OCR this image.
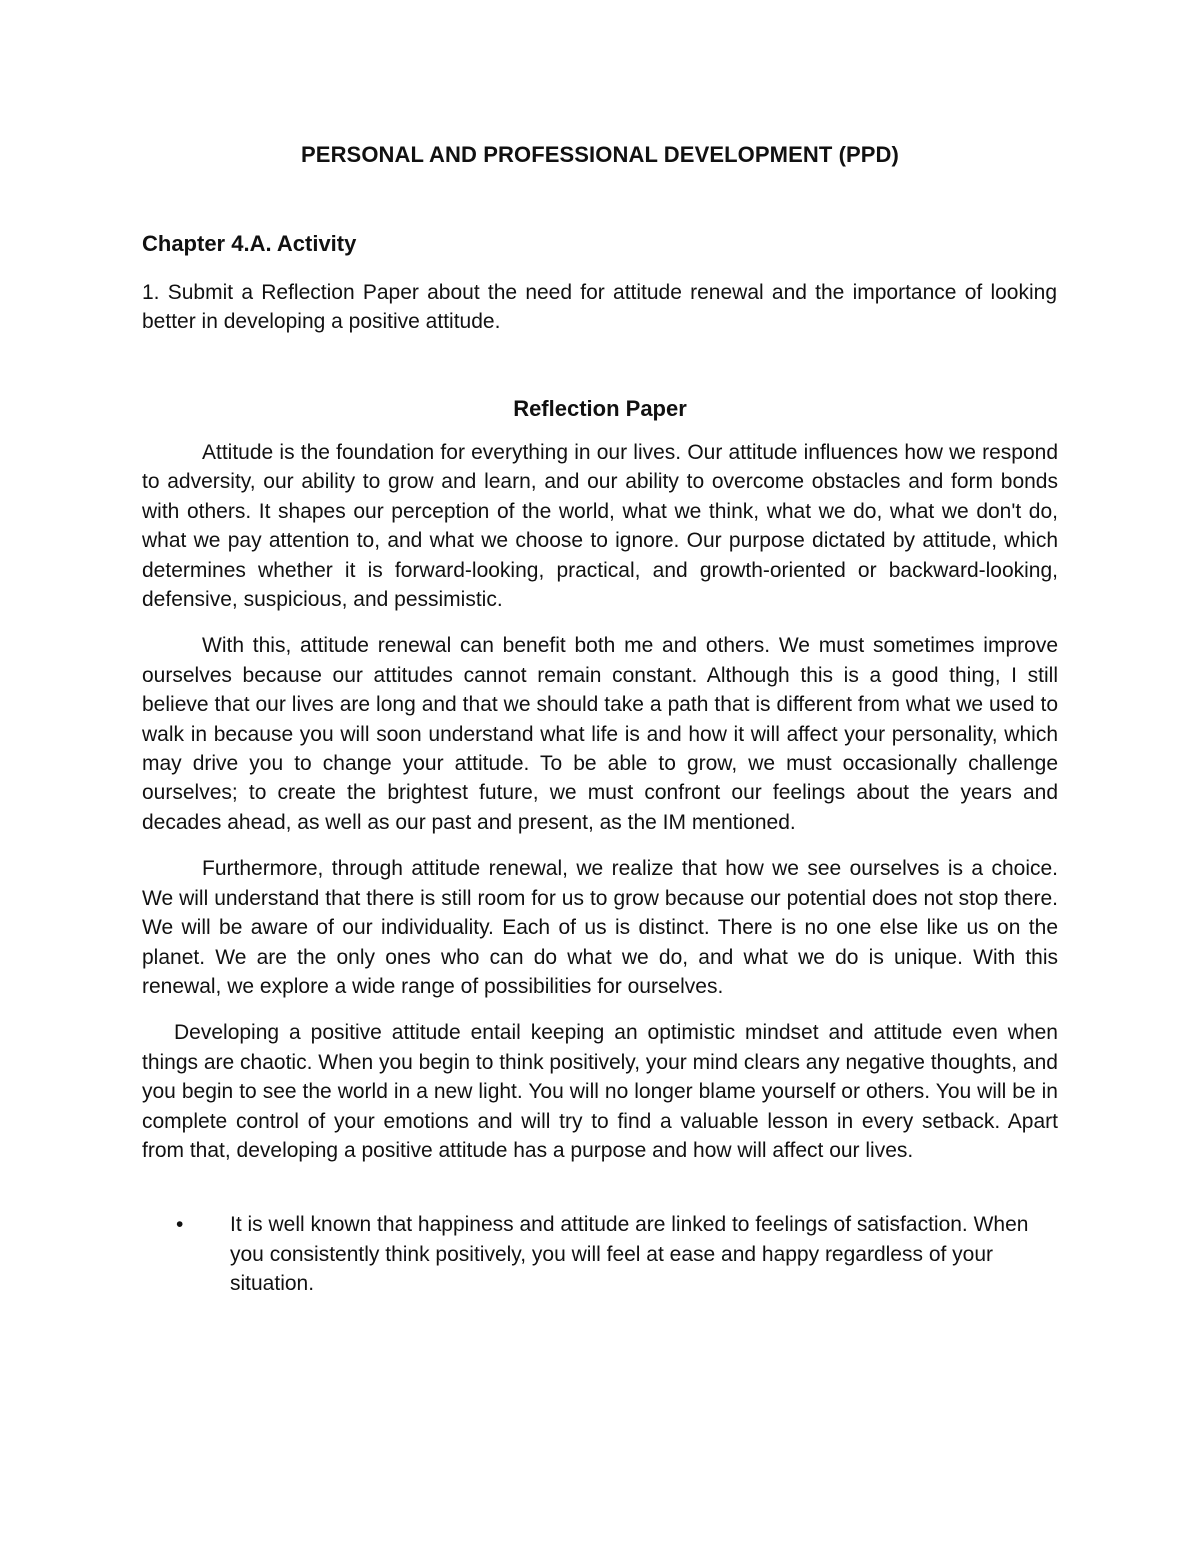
PERSONAL AND PROFESSIONAL DEVELOPMENT (PPD)
Chapter 4.A. Activity
1. Submit a Reflection Paper about the need for attitude renewal and the importance of looking better in developing a positive attitude.
Reflection Paper

Attitude is the foundation for everything in our lives. Our attitude influences how we respond to adversity, our ability to grow and learn, and our ability to overcome obstacles and form bonds with others. It shapes our perception of the world, what we think, what we do, what we don't do, what we pay attention to, and what we choose to ignore. Our purpose dictated by attitude, which determines whether it is forward-looking, practical, and growth-oriented or backward-looking, defensive, suspicious, and pessimistic.

With this, attitude renewal can benefit both me and others. We must sometimes improve ourselves because our attitudes cannot remain constant. Although this is a good thing, I still believe that our lives are long and that we should take a path that is different from what we used to walk in because you will soon understand what life is and how it will affect your personality, which may drive you to change your attitude. To be able to grow, we must occasionally challenge ourselves; to create the brightest future, we must confront our feelings about the years and decades ahead, as well as our past and present, as the IM mentioned.

Furthermore, through attitude renewal, we realize that how we see ourselves is a choice. We will understand that there is still room for us to grow because our potential does not stop there. We will be aware of our individuality. Each of us is distinct. There is no one else like us on the planet. We are the only ones who can do what we do, and what we do is unique. With this renewal, we explore a wide range of possibilities for ourselves.

Developing a positive attitude entail keeping an optimistic mindset and attitude even when things are chaotic. When you begin to think positively, your mind clears any negative thoughts, and you begin to see the world in a new light. You will no longer blame yourself or others. You will be in complete control of your emotions and will try to find a valuable lesson in every setback. Apart from that, developing a positive attitude has a purpose and how will affect our lives.

• It is well known that happiness and attitude are linked to feelings of satisfaction. When you consistently think positively, you will feel at ease and happy regardless of your situation.
